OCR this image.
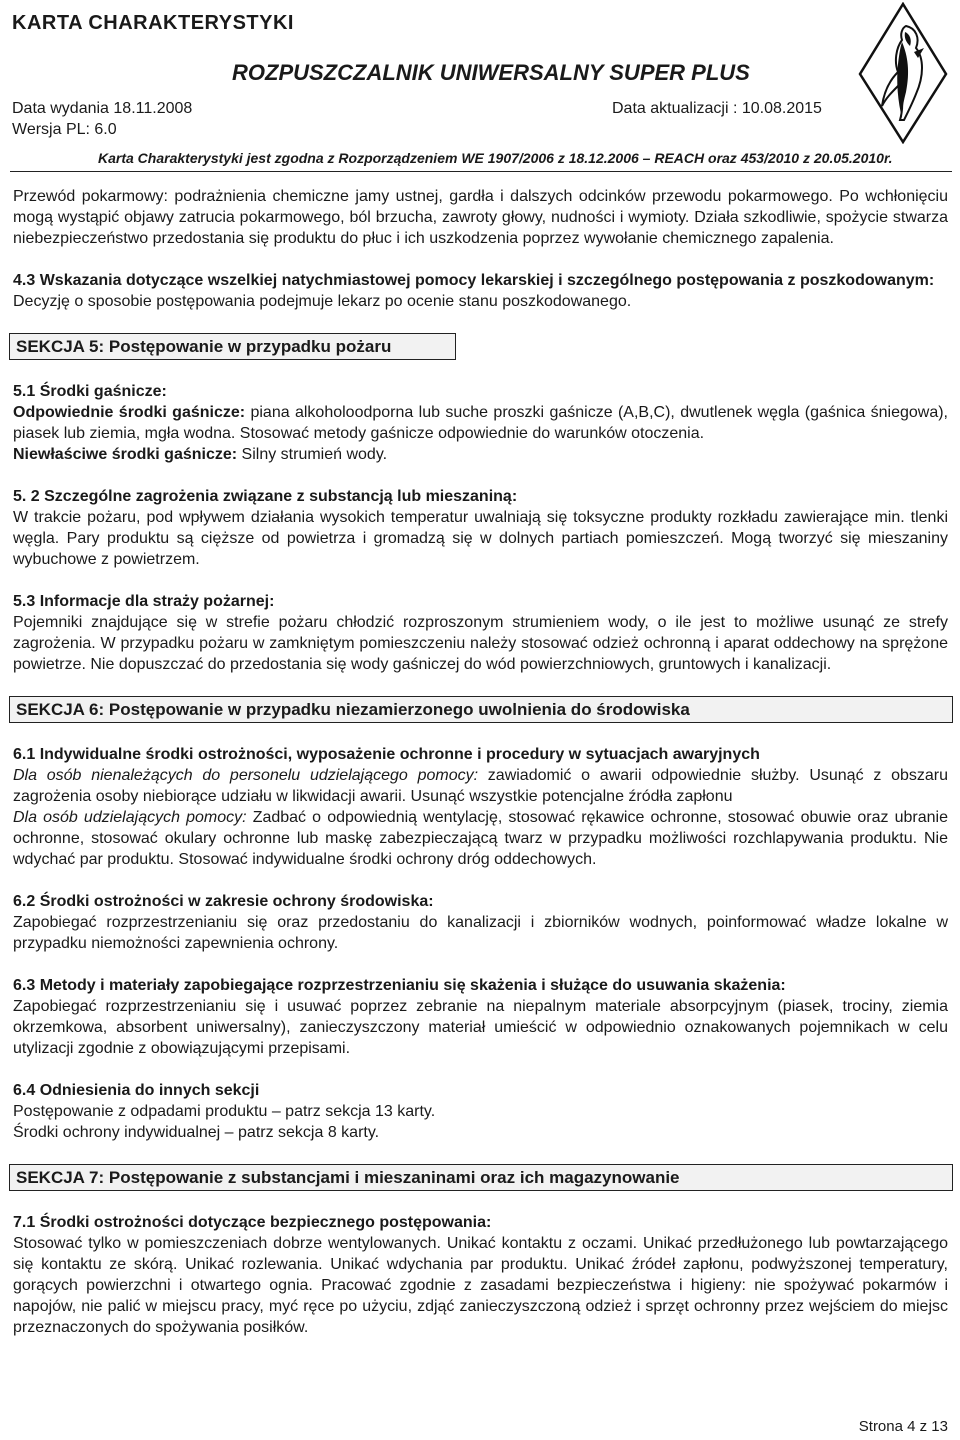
KARTA CHARAKTERYSTYKI
ROZPUSZCZALNIK UNIWERSALNY SUPER PLUS
Data wydania 18.11.2008	Data aktualizacji : 10.08.2015
Wersja PL: 6.0
Karta Charakterystyki jest zgodna z Rozporządzeniem WE 1907/2006 z 18.12.2006 – REACH oraz 453/2010 z 20.05.2010r.

Przewód pokarmowy: podrażnienia chemiczne jamy ustnej, gardła i dalszych odcinków przewodu pokarmowego. Po wchłonięciu mogą wystąpić objawy zatrucia pokarmowego, ból brzucha, zawroty głowy, nudności i wymioty. Działa szkodliwie, spożycie stwarza niebezpieczeństwo przedostania się produktu do płuc i ich uszkodzenia poprzez wywołanie chemicznego zapalenia.

4.3 Wskazania dotyczące wszelkiej natychmiastowej pomocy lekarskiej i szczególnego postępowania z poszkodowanym:

Decyzję o sposobie postępowania podejmuje lekarz po ocenie stanu poszkodowanego.

SEKCJA 5: Postępowanie w przypadku pożaru

5.1 Środki gaśnicze:

Odpowiednie środki gaśnicze: piana alkoholoodporna lub suche proszki gaśnicze (A,B,C), dwutlenek węgla (gaśnica śniegowa), piasek lub ziemia, mgła wodna. Stosować metody gaśnicze odpowiednie do warunków otoczenia.

Niewłaściwe środki gaśnicze: Silny strumień wody.

5. 2 Szczególne zagrożenia związane z substancją lub mieszaniną:

W trakcie pożaru, pod wpływem działania wysokich temperatur uwalniają się toksyczne produkty rozkładu zawierające min. tlenki węgla. Pary produktu są cięższe od powietrza i gromadzą się w dolnych partiach pomieszczeń. Mogą tworzyć się mieszaniny wybuchowe z powietrzem.

5.3 Informacje dla straży pożarnej:

Pojemniki znajdujące się w strefie pożaru chłodzić rozproszonym strumieniem wody, o ile jest to możliwe usunąć ze strefy zagrożenia. W przypadku pożaru w zamkniętym pomieszczeniu należy stosować odzież ochronną i aparat oddechowy na sprężone powietrze. Nie dopuszczać do przedostania się wody gaśniczej do wód powierzchniowych, gruntowych i kanalizacji.

SEKCJA 6: Postępowanie w przypadku niezamierzonego uwolnienia do środowiska

6.1 Indywidualne środki ostrożności, wyposażenie ochronne i procedury w sytuacjach awaryjnych

Dla osób nienależących do personelu udzielającego pomocy: zawiadomić o awarii odpowiednie służby. Usunąć z obszaru zagrożenia osoby niebiorące udziału w likwidacji awarii. Usunąć wszystkie potencjalne źródła zapłonu

Dla osób udzielających pomocy: Zadbać o odpowiednią wentylację, stosować rękawice ochronne, stosować obuwie oraz ubranie ochronne, stosować okulary ochronne lub maskę zabezpieczającą twarz w przypadku możliwości rozchlapywania produktu. Nie wdychać par produktu. Stosować indywidualne środki ochrony dróg oddechowych.

6.2 Środki ostrożności w zakresie ochrony środowiska:

Zapobiegać rozprzestrzenianiu się oraz przedostaniu do kanalizacji i zbiorników wodnych, poinformować władze lokalne w przypadku niemożności zapewnienia ochrony.

6.3 Metody i materiały zapobiegające rozprzestrzenianiu się skażenia i służące do usuwania skażenia:

Zapobiegać rozprzestrzenianiu się i usuwać poprzez zebranie na niepalnym materiale absorpcyjnym (piasek, trociny, ziemia okrzemkowa, absorbent uniwersalny), zanieczyszczony materiał umieścić w odpowiednio oznakowanych pojemnikach w celu utylizacji zgodnie z obowiązującymi przepisami.

6.4 Odniesienia do innych sekcji

Postępowanie z odpadami produktu – patrz sekcja 13 karty.

Środki ochrony indywidualnej – patrz sekcja 8 karty.

SEKCJA 7: Postępowanie z substancjami i mieszaninami oraz ich magazynowanie

7.1 Środki ostrożności dotyczące bezpiecznego postępowania:

Stosować tylko w pomieszczeniach dobrze wentylowanych. Unikać kontaktu z oczami. Unikać przedłużonego lub powtarzającego się kontaktu ze skórą. Unikać rozlewania. Unikać wdychania par produktu. Unikać źródeł zapłonu, podwyższonej temperatury, gorących powierzchni i otwartego ognia. Pracować zgodnie z zasadami bezpieczeństwa i higieny: nie spożywać pokarmów i napojów, nie palić w miejscu pracy, myć ręce po użyciu, zdjąć zanieczyszczoną odzież i sprzęt ochronny przez wejściem do miejsc przeznaczonych do spożywania posiłków.

Strona 4 z 13
